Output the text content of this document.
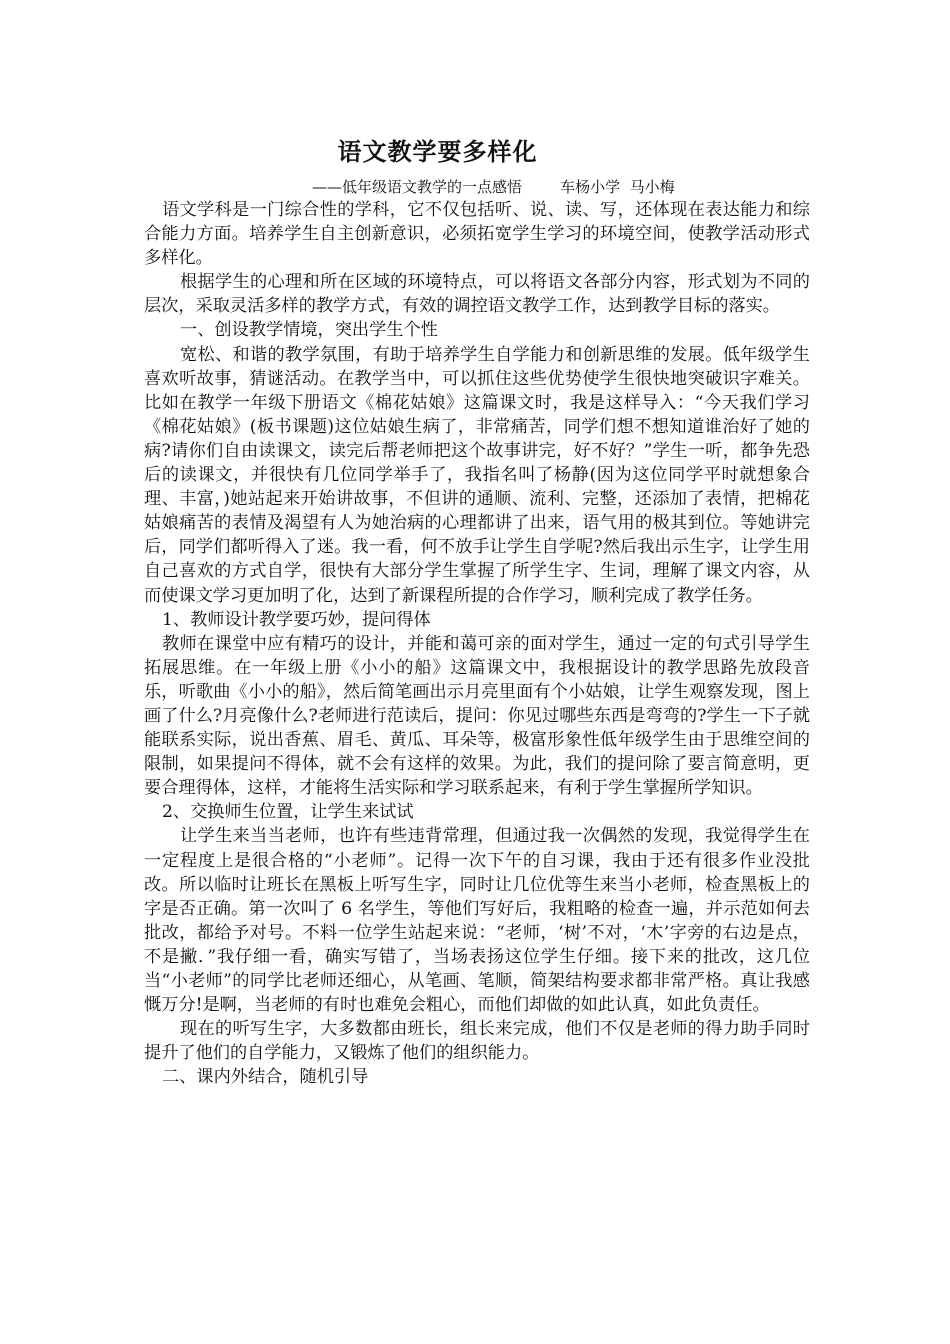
语文教学要多样化
——低年级语文教学的一点感悟        车杨小学  马小梅

语文学科是一门综合性的学科，它不仅包括听、说、读、写，还体现在表达能力和综合能力方面。培养学生自主创新意识，必须拓宽学生学习的环境空间，使教学活动形式多样化。

根据学生的心理和所在区域的环境特点，可以将语文各部分内容，形式划为不同的层次，采取灵活多样的教学方式，有效的调控语文教学工作，达到教学目标的落实。

一、创设教学情境，突出学生个性

宽松、和谐的教学氛围，有助于培养学生自学能力和创新思维的发展。低年级学生喜欢听故事，猜谜活动。在教学当中，可以抓住这些优势使学生很快地突破识字难关。比如在教学一年级下册语文《棉花姑娘》这篇课文时，我是这样导入：“今天我们学习《棉花姑娘》(板书课题)这位姑娘生病了，非常痛苦，同学们想不想知道谁治好了她的病?请你们自由读课文，读完后帮老师把这个故事讲完，好不好？”学生一听，都争先恐后的读课文，并很快有几位同学举手了，我指名叫了杨静(因为这位同学平时就想象合理、丰富，)她站起来开始讲故事，不但讲的通顺、流利、完整，还添加了表情，把棉花姑娘痛苦的表情及渴望有人为她治病的心理都讲了出来，语气用的极其到位。等她讲完后，同学们都听得入了迷。我一看，何不放手让学生自学呢?然后我出示生字，让学生用自己喜欢的方式自学，很快有大部分学生掌握了所学生字、生词，理解了课文内容，从而使课文学习更加明了化，达到了新课程所提的合作学习，顺利完成了教学任务。

1、教师设计教学要巧妙，提问得体

教师在课堂中应有精巧的设计，并能和蔼可亲的面对学生，通过一定的句式引导学生拓展思维。在一年级上册《小小的船》这篇课文中，我根据设计的教学思路先放段音乐，听歌曲《小小的船》，然后简笔画出示月亮里面有个小姑娘，让学生观察发现，图上画了什么?月亮像什么?老师进行范读后，提问：你见过哪些东西是弯弯的?学生一下子就能联系实际，说出香蕉、眉毛、黄瓜、耳朵等，极富形象性低年级学生由于思维空间的限制，如果提问不得体，就不会有这样的效果。为此，我们的提问除了要言简意明，更要合理得体，这样，才能将生活实际和学习联系起来，有利于学生掌握所学知识。

2、交换师生位置，让学生来试试

让学生来当当老师，也许有些违背常理，但通过我一次偶然的发现，我觉得学生在一定程度上是很合格的“小老师”。记得一次下午的自习课，我由于还有很多作业没批改。所以临时让班长在黑板上听写生字，同时让几位优等生来当小老师，检查黑板上的字是否正确。第一次叫了 6 名学生，等他们写好后，我粗略的检查一遍，并示范如何去批改，都给予对号。不料一位学生站起来说：“老师，‘树’不对，‘木’字旁的右边是点，不是撇．”我仔细一看，确实写错了，当场表扬这位学生仔细。接下来的批改，这几位当“小老师”的同学比老师还细心，从笔画、笔顺，简架结构要求都非常严格。真让我感慨万分!是啊，当老师的有时也难免会粗心，而他们却做的如此认真，如此负责任。

现在的听写生字，大多数都由班长，组长来完成，他们不仅是老师的得力助手同时提升了他们的自学能力，又锻炼了他们的组织能力。

二、课内外结合，随机引导
